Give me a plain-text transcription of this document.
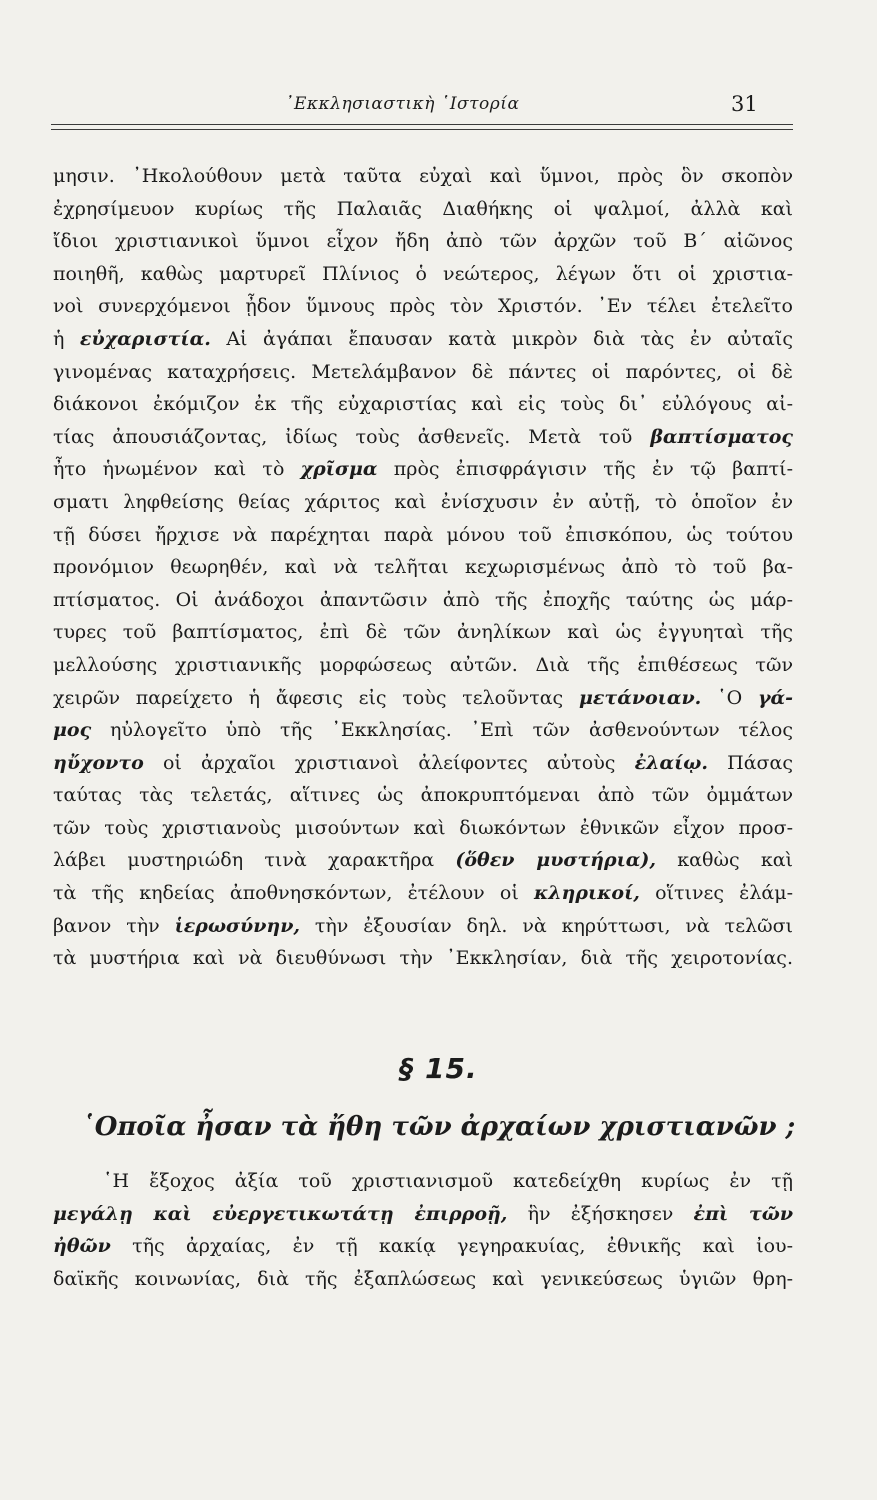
᾿Εκκλησιαστικὴ ῾Ιστορία	31
μησιν. ᾿Ηκολούθουν μετὰ ταῦτα εὐχαὶ καὶ ὕμνοι, πρὸς ὃν σκοπὸν
ἐχρησίμευον κυρίως τῆς Παλαιᾶς Διαθήκης οἱ ψαλμοί, ἀλλὰ καὶ
ἴδιοι χριστιανικοὶ ὕμνοι εἶχον ἤδη ἀπὸ τῶν ἀρχῶν τοῦ Β΄ αἰῶνος
ποιηθῆ, καθὼς μαρτυρεῖ Πλίνιος ὁ νεώτερος, λέγων ὅτι οἱ χριστια-
νοὶ συνερχόμενοι ᾖδον ὕμνους πρὸς τὸν Χριστόν. ᾿Εν τέλει ἐτελεῖτο
ἡ εὐχαριστία. Αἱ ἀγάπαι ἔπαυσαν κατὰ μικρὸν διὰ τὰς ἐν αὐταῖς
γινομένας καταχρήσεις. Μετελάμβανον δὲ πάντες οἱ παρόντες, οἱ δὲ
διάκονοι ἐκόμιζον ἐκ τῆς εὐχαριστίας καὶ εἰς τοὺς δι᾿ εὐλόγους αἰ-
τίας ἀπουσιάζοντας, ἰδίως τοὺς ἀσθενεῖς. Μετὰ τοῦ βαπτίσματος
ἦτο ἡνωμένον καὶ τὸ χρῖσμα πρὸς ἐπισφράγισιν τῆς ἐν τῷ βαπτί-
σματι ληφθείσης θείας χάριτος καὶ ἐνίσχυσιν ἐν αὐτῇ, τὸ ὁποῖον ἐν
τῇ δύσει ἤρχισε νὰ παρέχηται παρὰ μόνου τοῦ ἐπισκόπου, ὡς τούτου
προνόμιον θεωρηθέν, καὶ νὰ τελῆται κεχωρισμένως ἀπὸ τὸ τοῦ βα-
πτίσματος. Οἱ ἀνάδοχοι ἀπαντῶσιν ἀπὸ τῆς ἐποχῆς ταύτης ὡς μάρ-
τυρες τοῦ βαπτίσματος, ἐπὶ δὲ τῶν ἀνηλίκων καὶ ὡς ἐγγυηταὶ τῆς
μελλούσης χριστιανικῆς μορφώσεως αὐτῶν. Διὰ τῆς ἐπιθέσεως τῶν
χειρῶν παρείχετο ἡ ἄφεσις εἰς τοὺς τελοῦντας μετάνοιαν. ῾Ο γά-
μος ηὐλογεῖτο ὑπὸ τῆς ᾿Εκκλησίας. ᾿Επὶ τῶν ἀσθενούντων τέλος
ηὔχοντο οἱ ἀρχαῖοι χριστιανοὶ ἀλείφοντες αὐτοὺς ἐλαίῳ. Πάσας
ταύτας τὰς τελετάς, αἵτινες ὡς ἀποκρυπτόμεναι ἀπὸ τῶν ὀμμάτων
τῶν τοὺς χριστιανοὺς μισούντων καὶ διωκόντων ἐθνικῶν εἶχον προσ-
λάβει μυστηριώδη τινὰ χαρακτῆρα (ὅθεν μυστήρια), καθὼς καὶ
τὰ τῆς κηδείας ἀποθνησκόντων, ἐτέλουν οἱ κληρικοί, οἵτινες ἐλάμ-
βανον τὴν ἱερωσύνην, τὴν ἐξουσίαν δηλ. νὰ κηρύττωσι, νὰ τελῶσι
τὰ μυστήρια καὶ νὰ διευθύνωσι τὴν ᾿Εκκλησίαν, διὰ τῆς χειροτονίας.
§ 15.
῾Οποῖα ἦσαν τὰ ἤθη τῶν ἀρχαίων χριστιανῶν ;
῾Η ἔξοχος ἀξία τοῦ χριστιανισμοῦ κατεδείχθη κυρίως ἐν τῇ
μεγάλῃ καὶ εὐεργετικωτάτῃ ἐπιρροῇ, ἣν ἐξήσκησεν ἐπὶ τῶν
ἠθῶν τῆς ἀρχαίας, ἐν τῇ κακίᾳ γεγηρακυίας, ἐθνικῆς καὶ ἰου-
δαϊκῆς κοινωνίας, διὰ τῆς ἐξαπλώσεως καὶ γενικεύσεως ὑγιῶν θρη-
